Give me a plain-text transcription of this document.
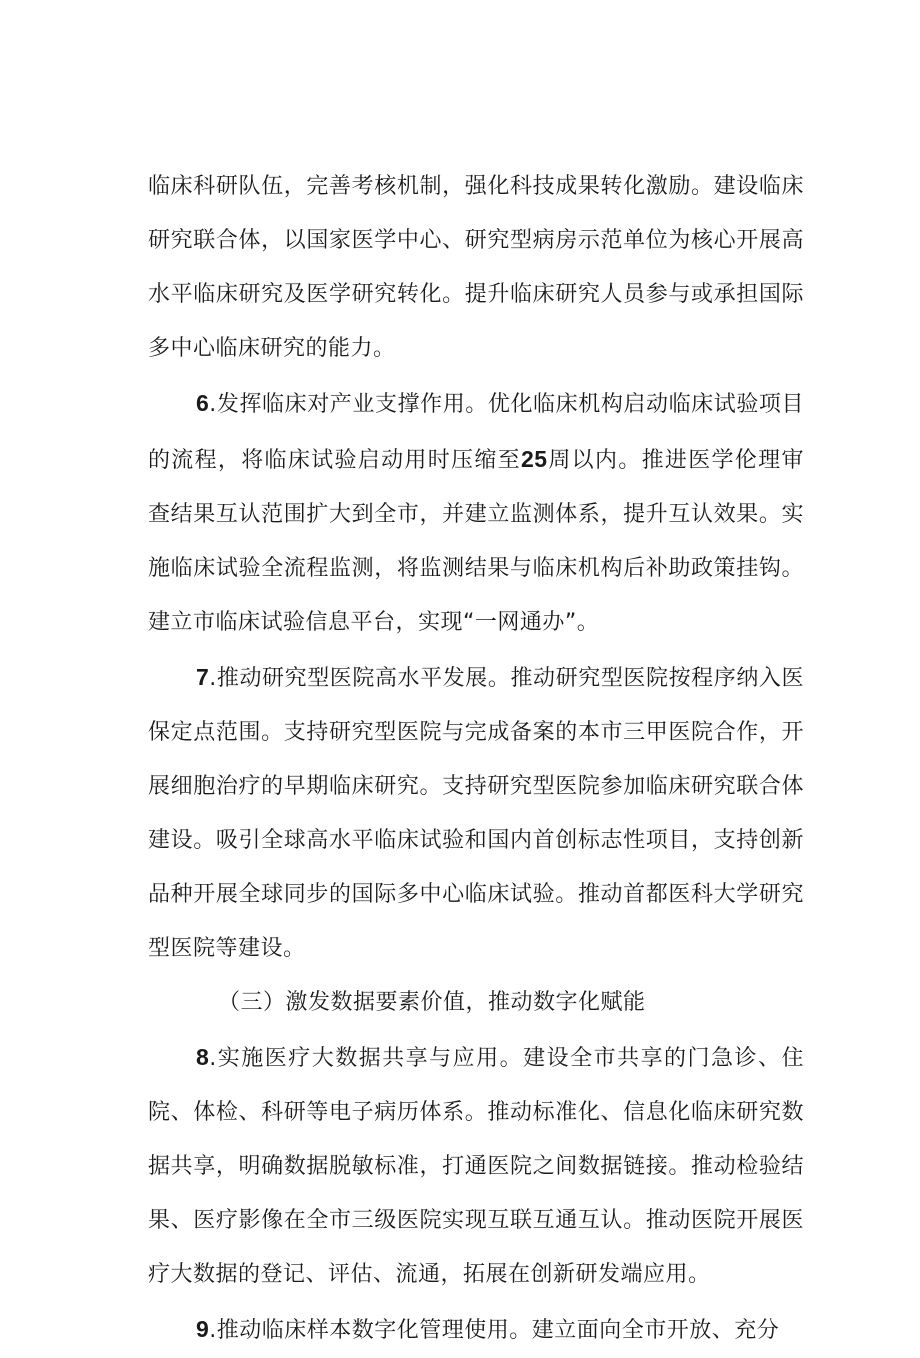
临床科研队伍，完善考核机制，强化科技成果转化激励。建设临床研究联合体，以国家医学中心、研究型病房示范单位为核心开展高水平临床研究及医学研究转化。提升临床研究人员参与或承担国际多中心临床研究的能力。

6.发挥临床对产业支撑作用。优化临床机构启动临床试验项目的流程，将临床试验启动用时压缩至25周以内。推进医学伦理审查结果互认范围扩大到全市，并建立监测体系，提升互认效果。实施临床试验全流程监测，将监测结果与临床机构后补助政策挂钩。建立市临床试验信息平台，实现“一网通办”。

7.推动研究型医院高水平发展。推动研究型医院按程序纳入医保定点范围。支持研究型医院与完成备案的本市三甲医院合作，开展细胞治疗的早期临床研究。支持研究型医院参加临床研究联合体建设。吸引全球高水平临床试验和国内首创标志性项目，支持创新品种开展全球同步的国际多中心临床试验。推动首都医科大学研究型医院等建设。

（三）激发数据要素价值，推动数字化赋能

8.实施医疗大数据共享与应用。建设全市共享的门急诊、住院、体检、科研等电子病历体系。推动标准化、信息化临床研究数据共享，明确数据脱敏标准，打通医院之间数据链接。推动检验结果、医疗影像在全市三级医院实现互联互通互认。推动医院开展医疗大数据的登记、评估、流通，拓展在创新研发端应用。

9.推动临床样本数字化管理使用。建立面向全市开放、充分
